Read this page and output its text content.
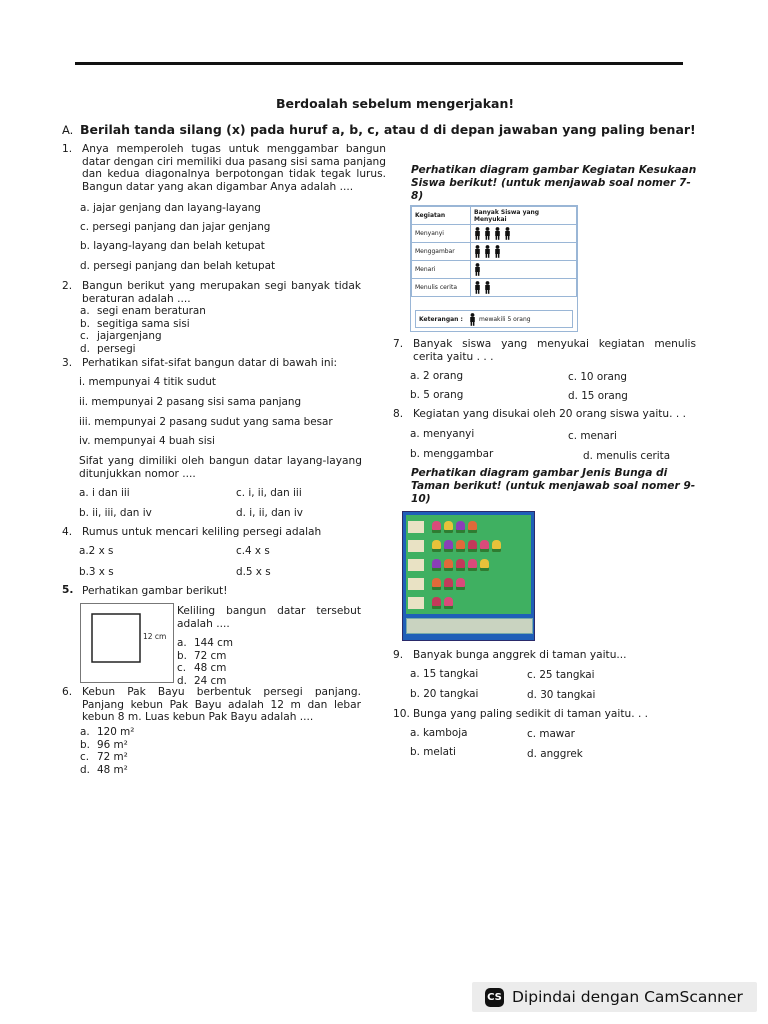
Berdoalah sebelum mengerjakan!
A. Berilah tanda silang (x) pada huruf a, b, c, atau d di depan jawaban yang paling benar!
1. Anya memperoleh tugas untuk menggambar bangun datar dengan ciri memiliki dua pasang sisi sama panjang dan kedua diagonalnya berpotongan tidak tegak lurus. Bangun datar yang akan digambar Anya adalah ....
a. jajar genjang dan layang-layang
c. persegi panjang dan jajar genjang
b. layang-layang dan belah ketupat
d. persegi panjang dan belah ketupat
2. Bangun berikut yang merupakan segi banyak tidak beraturan adalah ....
a. segi enam beraturan
b. segitiga sama sisi
c. jajargenjang
d. persegi
3. Perhatikan sifat-sifat bangun datar di bawah ini:
i. mempunyai 4 titik sudut
ii. mempunyai 2 pasang sisi sama panjang
iii. mempunyai 2 pasang sudut yang sama besar
iv. mempunyai 4 buah sisi
Sifat yang dimiliki oleh bangun datar layang-layang ditunjukkan nomor ....
a. i dan iii	c. i, ii, dan iii
b. ii, iii, dan iv	d. i, ii, dan iv
4. Rumus untuk mencari keliling persegi adalah
a.2 x s	c.4 x s
b.3 x s	d.5 x s
5. Perhatikan gambar berikut!
12 cm
Keliling bangun datar tersebut adalah ....
a. 144 cm
b. 72 cm
c. 48 cm
d. 24 cm
6. Kebun Pak Bayu berbentuk persegi panjang. Panjang kebun Pak Bayu adalah 12 m dan lebar kebun 8 m. Luas kebun Pak Bayu adalah ....
a. 120 m²
b. 96 m²
c. 72 m²
d. 48 m²
Perhatikan diagram gambar Kegiatan Kesukaan Siswa berikut! (untuk menjawab soal nomer 7-8)
Kegiatan	Banyak Siswa yang Menyukai
Menyanyi	
Menggambar	
Menari	
Menulis cerita	
Keterangan :	mewakili 5 orang
7. Banyak siswa yang menyukai kegiatan menulis cerita yaitu . . .
a. 2 orang	c. 10 orang
b. 5 orang	d. 15 orang
8. Kegiatan yang disukai oleh 20 orang siswa yaitu. . .
a. menyanyi	c. menari
b. menggambar	d. menulis cerita
Perhatikan diagram gambar Jenis Bunga di Taman berikut! (untuk menjawab soal nomer 9-10)
9. Banyak bunga anggrek di taman yaitu...
a. 15 tangkai	c. 25 tangkai
b. 20 tangkai	d. 30 tangkai
10. Bunga yang paling sedikit di taman yaitu. . .
a. kamboja	c. mawar
b. melati	d. anggrek
CS Dipindai dengan CamScanner
